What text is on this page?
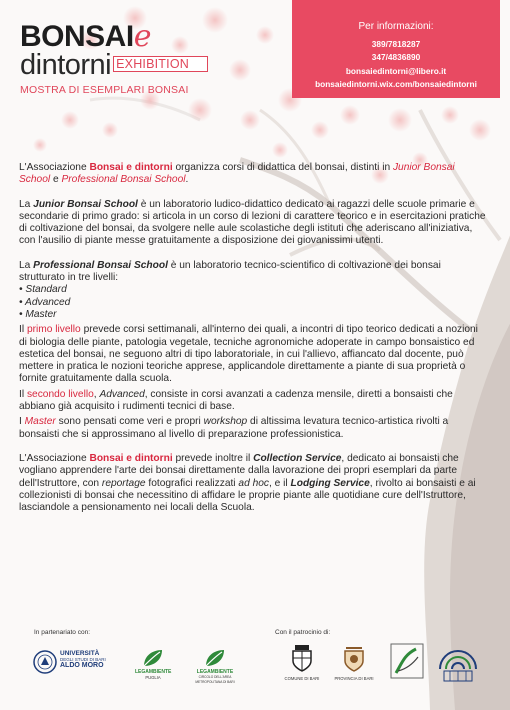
BONSAIe
dintorni EXHIBITION
MOSTRA DI ESEMPLARI BONSAI
Per informazioni:
389/7818287
347/4836890
bonsaiedintorni@libero.it
bonsaiedintorni.wix.com/bonsaiedintorni

L'Associazione Bonsai e dintorni organizza corsi di didattica del bonsai, distinti in Junior Bonsai School e Professional Bonsai School.

La Junior Bonsai School è un laboratorio ludico-didattico dedicato ai ragazzi delle scuole primarie e secondarie di primo grado: si articola in un corso di lezioni di carattere teorico e in esercitazioni pratiche di coltivazione del bonsai, da svolgere nelle aule scolastiche degli istituti che aderiscano all'iniziativa, con l'ausilio di piante messe gratuitamente a disposizione dei giovanissimi utenti.

La Professional Bonsai School è un laboratorio tecnico-scientifico di coltivazione dei bonsai strutturato in tre livelli:

• Standard

• Advanced

• Master

Il primo livello prevede corsi settimanali, all'interno dei quali, a incontri di tipo teorico dedicati a nozioni di biologia delle piante, patologia vegetale, tecniche agronomiche adoperate in campo bonsaistico ed estetica del bonsai, ne seguono altri di tipo laboratoriale, in cui l'allievo, affiancato dal docente, può mettere in pratica le nozioni teoriche apprese, applicandole direttamente a piante di sua proprietà o fornite gratuitamente dalla scuola.

Il secondo livello, Advanced, consiste in corsi avanzati a cadenza mensile, diretti a bonsaisti che abbiano già acquisito i rudimenti tecnici di base.

I Master sono pensati come veri e propri workshop di altissima levatura tecnico-artistica rivolti a bonsaisti che si approssimano al livello di preparazione professionistica.

L'Associazione Bonsai e dintorni prevede inoltre il Collection Service, dedicato ai bonsaisti che vogliano apprendere l'arte dei bonsai direttamente dalla lavorazione dei propri esemplari da parte dell'Istruttore, con reportage fotografici realizzati ad hoc, e il Lodging Service, rivolto ai bonsaisti e ai collezionisti di bonsai che necessitino di affidare le proprie piante alle quotidiane cure dell'Istruttore, lasciandole a pensionamento nei locali della Scuola.

In partenariato con:	Con il patrocinio di:
UNIVERSITÀ
DEGLI STUDI DI BARI
ALDO MORO
LEGAMBIENTE
PUGLIA
LEGAMBIENTE
CIRCOLO DELL'AREA METROPOLITANA DI BARI
COMUNE DI BARI	PROVINCIA DI BARI
